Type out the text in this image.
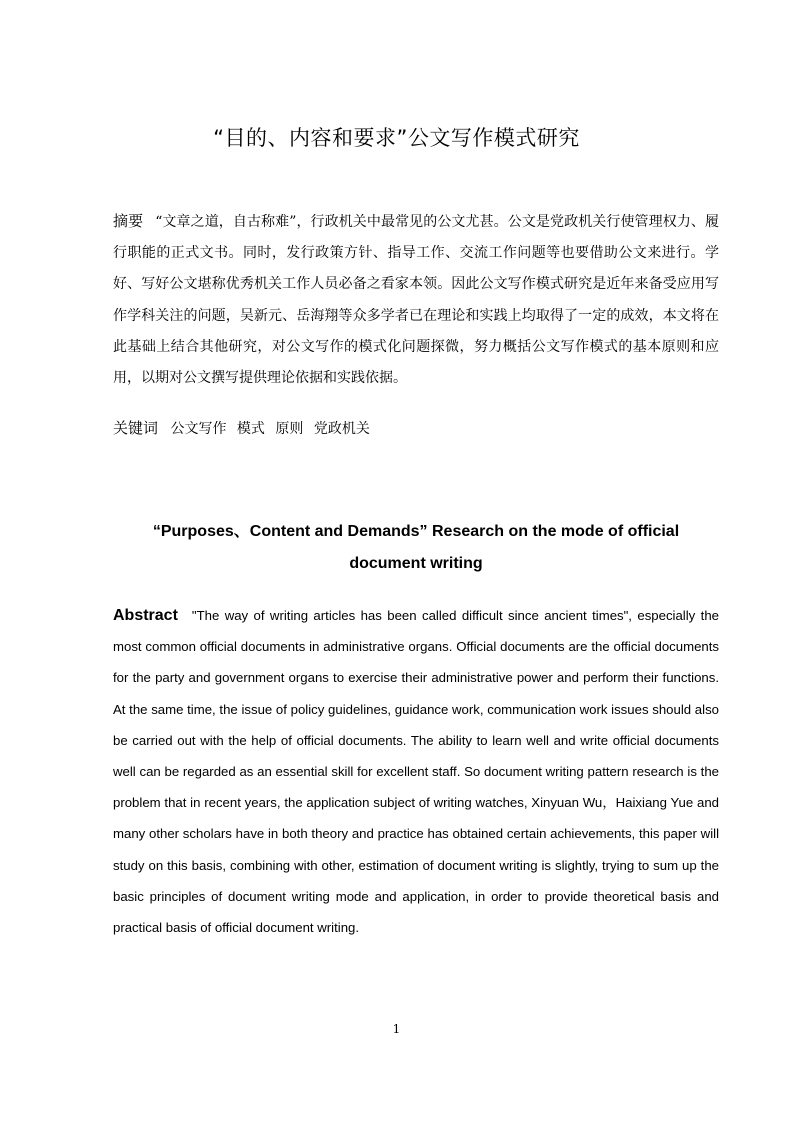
“目的、内容和要求”公文写作模式研究
摘要 “文章之道，自古称难”，行政机关中最常见的公文尤甚。公文是党政机关行使管理权力、履行职能的正式文书。同时，发行政策方针、指导工作、交流工作问题等也要借助公文来进行。学好、写好公文堪称优秀机关工作人员必备之看家本领。因此公文写作模式研究是近年来备受应用写作学科关注的问题，吴新元、岳海翔等众多学者已在理论和实践上均取得了一定的成效，本文将在此基础上结合其他研究，对公文写作的模式化问题探微，努力概括公文写作模式的基本原则和应用，以期对公文撰写提供理论依据和实践依据。
关键词 公文写作 模式 原则 党政机关
“Purposes、Content and Demands” Research on the mode of official document writing
Abstract "The way of writing articles has been called difficult since ancient times", especially the most common official documents in administrative organs. Official documents are the official documents for the party and government organs to exercise their administrative power and perform their functions. At the same time, the issue of policy guidelines, guidance work, communication work issues should also be carried out with the help of official documents. The ability to learn well and write official documents well can be regarded as an essential skill for excellent staff. So document writing pattern research is the problem that in recent years, the application subject of writing watches, Xinyuan Wu，Haixiang Yue and many other scholars have in both theory and practice has obtained certain achievements, this paper will study on this basis, combining with other, estimation of document writing is slightly, trying to sum up the basic principles of document writing mode and application, in order to provide theoretical basis and practical basis of official document writing.
1
